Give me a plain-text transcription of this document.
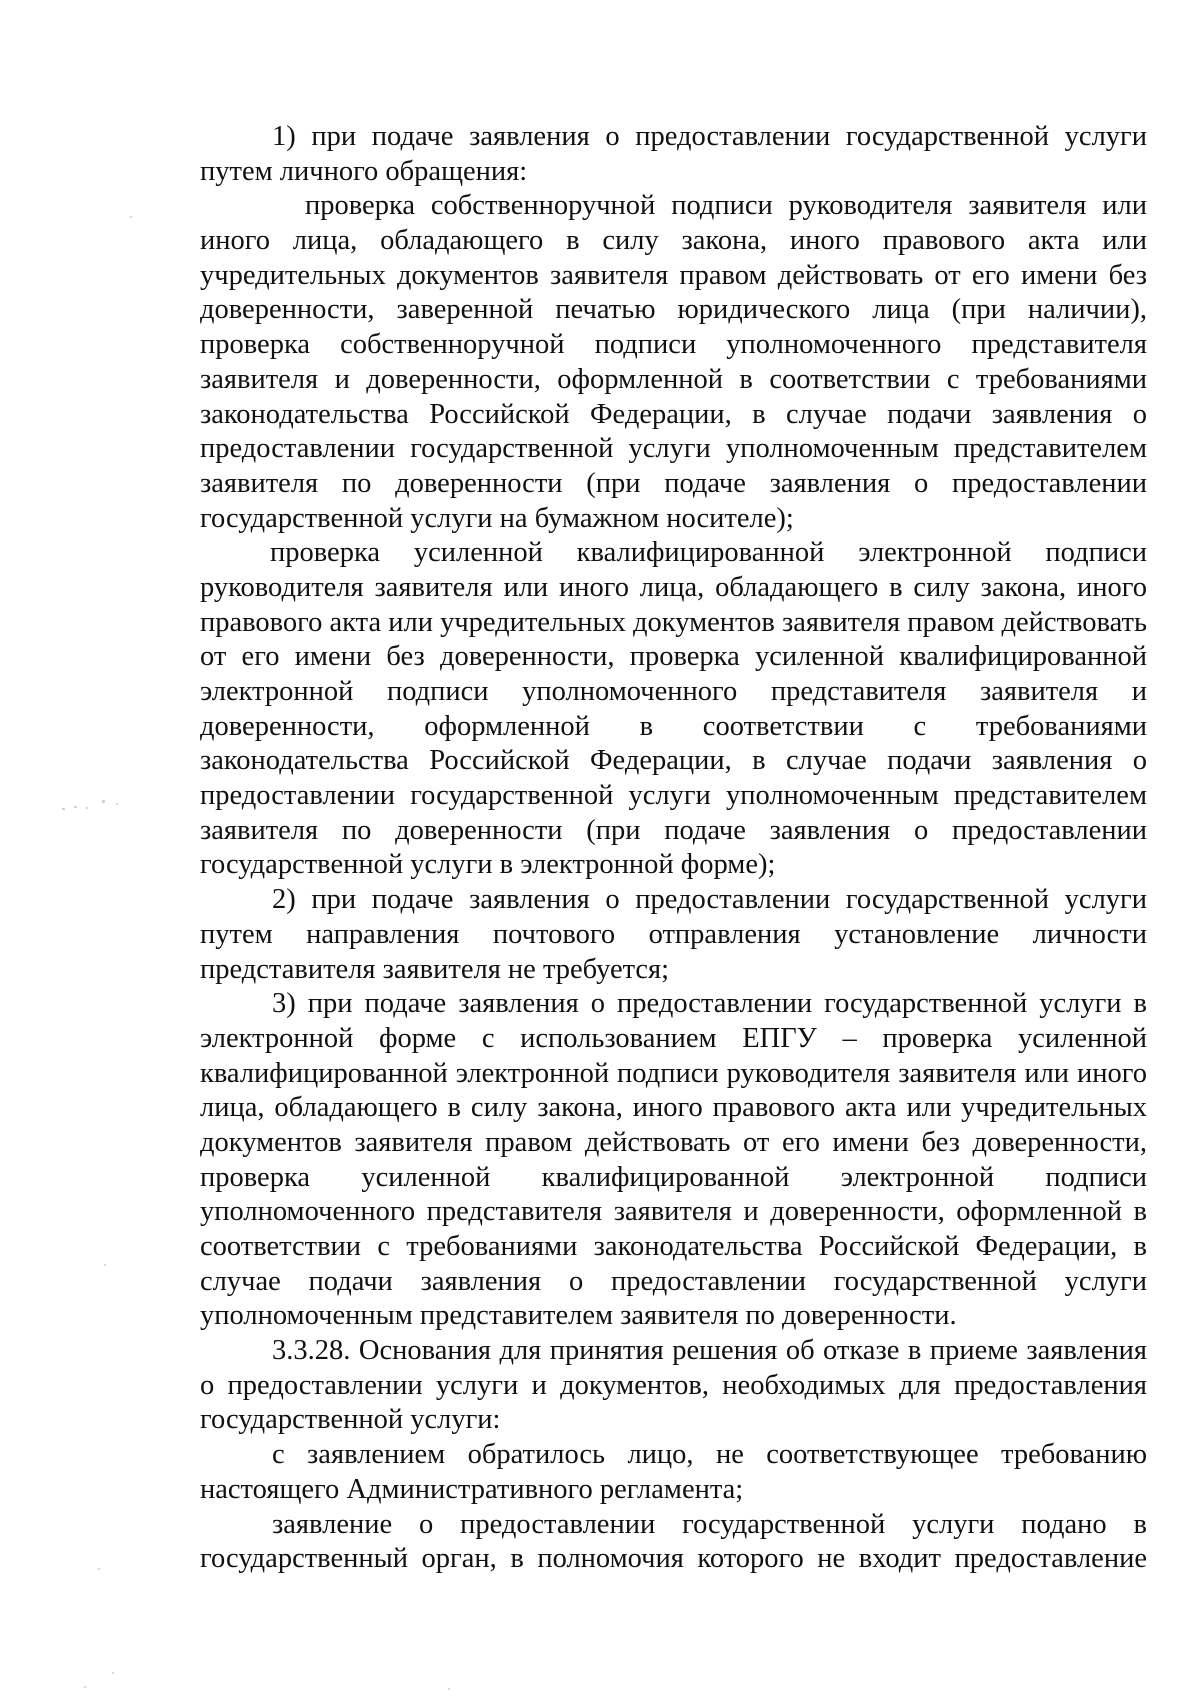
1) при подаче заявления о предоставлении государственной услуги
путем личного обращения:
проверка собственноручной подписи руководителя заявителя или
иного лица, обладающего в силу закона, иного правового акта или
учредительных документов заявителя правом действовать от его имени без
доверенности, заверенной печатью юридического лица (при наличии),
проверка собственноручной подписи уполномоченного представителя
заявителя и доверенности, оформленной в соответствии с требованиями
законодательства Российской Федерации, в случае подачи заявления о
предоставлении государственной услуги уполномоченным представителем
заявителя по доверенности (при подаче заявления о предоставлении
государственной услуги на бумажном носителе);
проверка усиленной квалифицированной электронной подписи
руководителя заявителя или иного лица, обладающего в силу закона, иного
правового акта или учредительных документов заявителя правом действовать
от его имени без доверенности, проверка усиленной квалифицированной
электронной подписи уполномоченного представителя заявителя и
доверенности, оформленной в соответствии с требованиями
законодательства Российской Федерации, в случае подачи заявления о
предоставлении государственной услуги уполномоченным представителем
заявителя по доверенности (при подаче заявления о предоставлении
государственной услуги в электронной форме);
2) при подаче заявления о предоставлении государственной услуги
путем направления почтового отправления установление личности
представителя заявителя не требуется;
3) при подаче заявления о предоставлении государственной услуги в
электронной форме с использованием ЕПГУ – проверка усиленной
квалифицированной электронной подписи руководителя заявителя или иного
лица, обладающего в силу закона, иного правового акта или учредительных
документов заявителя правом действовать от его имени без доверенности,
проверка усиленной квалифицированной электронной подписи
уполномоченного представителя заявителя и доверенности, оформленной в
соответствии с требованиями законодательства Российской Федерации, в
случае подачи заявления о предоставлении государственной услуги
уполномоченным представителем заявителя по доверенности.
3.3.28. Основания для принятия решения об отказе в приеме заявления
о предоставлении услуги и документов, необходимых для предоставления
государственной услуги:
с заявлением обратилось лицо, не соответствующее требованию
настоящего Административного регламента;
заявление о предоставлении государственной услуги подано в
государственный орган, в полномочия которого не входит предоставление
